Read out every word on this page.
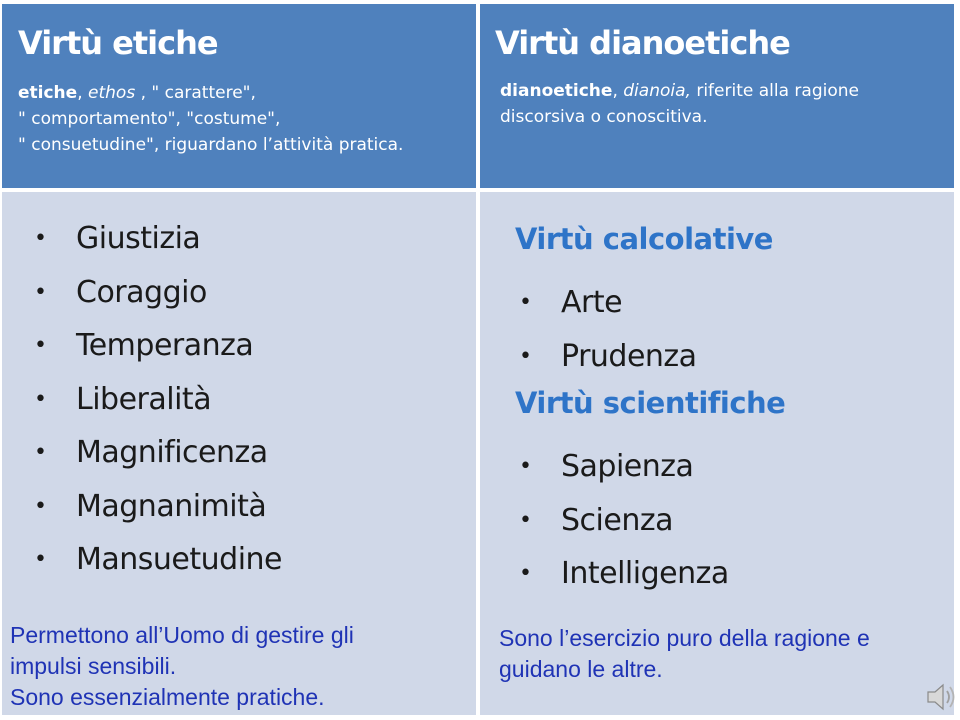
Virtù etiche
etiche, ethos , " carattere",
" comportamento", "costume",
" consuetudine", riguardano l’attività pratica.
Virtù dianoetiche
dianoetiche, dianoia, riferite alla ragione
discorsiva o conoscitiva.
• Giustizia
• Coraggio
• Temperanza
• Liberalità
• Magnificenza
• Magnanimità
• Mansuetudine
Virtù calcolative
• Arte
• Prudenza
Virtù scientifiche
• Sapienza
• Scienza
• Intelligenza
Permettono all’Uomo di gestire gli
impulsi sensibili.
Sono essenzialmente pratiche.
Sono l’esercizio puro della ragione e
guidano le altre.
